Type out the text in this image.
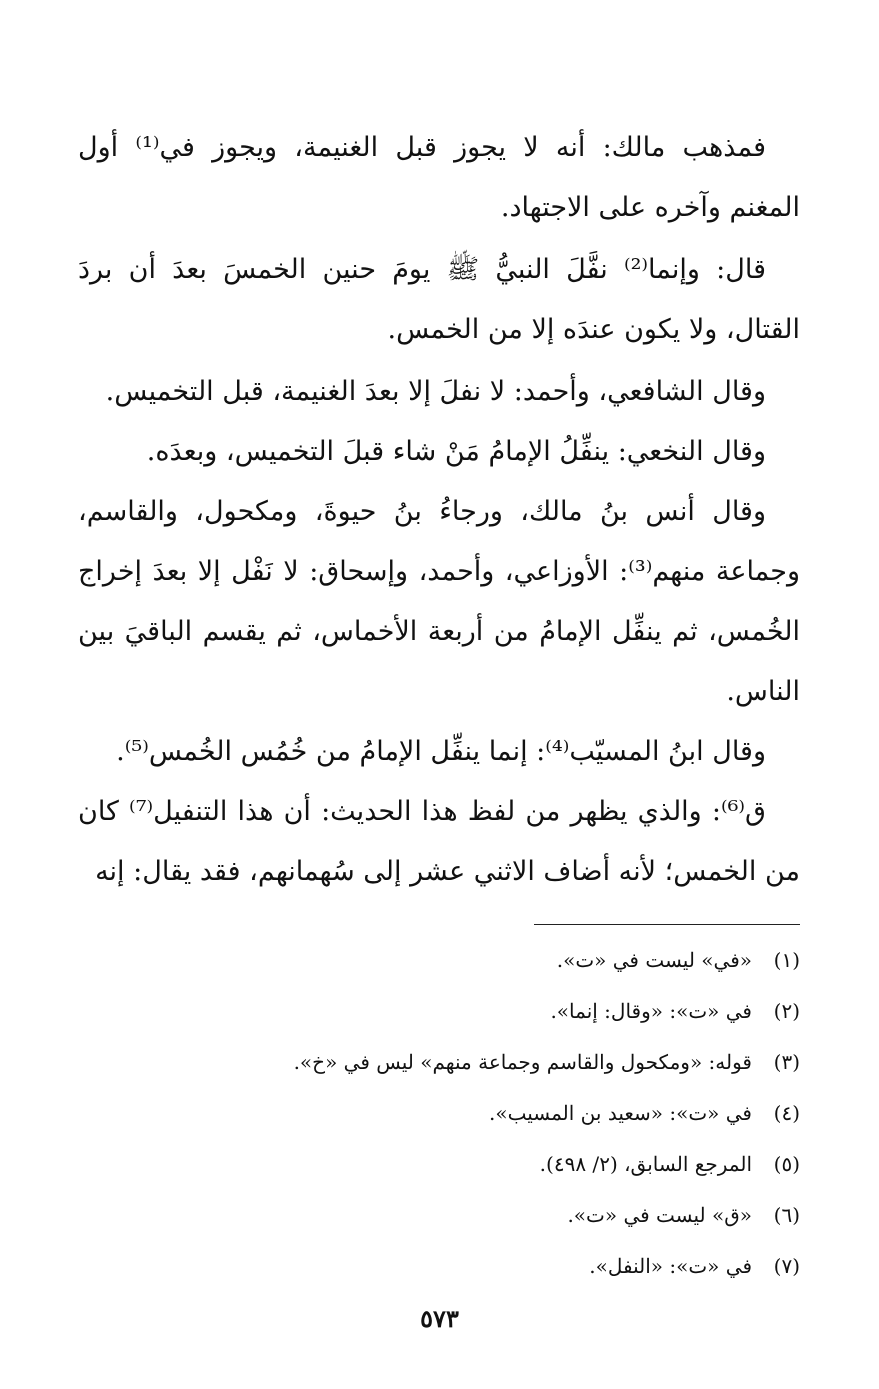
فمذهب مالك: أنه لا يجوز قبل الغنيمة، ويجوز في⁽¹⁾ أول المغنم وآخره على الاجتهاد.

قال: وإنما⁽²⁾ نفَّلَ النبيُّ ﷺ يومَ حنين الخمسَ بعدَ أن بردَ القتال، ولا يكون عندَه إلا من الخمس.

وقال الشافعي، وأحمد: لا نفلَ إلا بعدَ الغنيمة، قبل التخميس.

وقال النخعي: ينفِّلُ الإمامُ مَنْ شاء قبلَ التخميس، وبعدَه.

وقال أنس بنُ مالك، ورجاءُ بنُ حيوةَ، ومكحول، والقاسم، وجماعة منهم⁽³⁾: الأوزاعي، وأحمد، وإسحاق: لا نَفْل إلا بعدَ إخراج الخُمس، ثم ينفِّل الإمامُ من أربعة الأخماس، ثم يقسم الباقيَ بين الناس.

وقال ابنُ المسيّب⁽⁴⁾: إنما ينفِّل الإمامُ من خُمُس الخُمس⁽⁵⁾.

ق⁽⁶⁾: والذي يظهر من لفظ هذا الحديث: أن هذا التنفيل⁽⁷⁾ كان من الخمس؛ لأنه أضاف الاثني عشر إلى سُهمانهم، فقد يقال: إنه

(١)«في» ليست في «ت».
(٢)في «ت»: «وقال: إنما».
(٣)قوله: «ومكحول والقاسم وجماعة منهم» ليس في «خ».
(٤)في «ت»: «سعيد بن المسيب».
(٥)المرجع السابق، (٢/ ٤٩٨).
(٦)«ق» ليست في «ت».
(٧)في «ت»: «النفل».
٥٧٣
